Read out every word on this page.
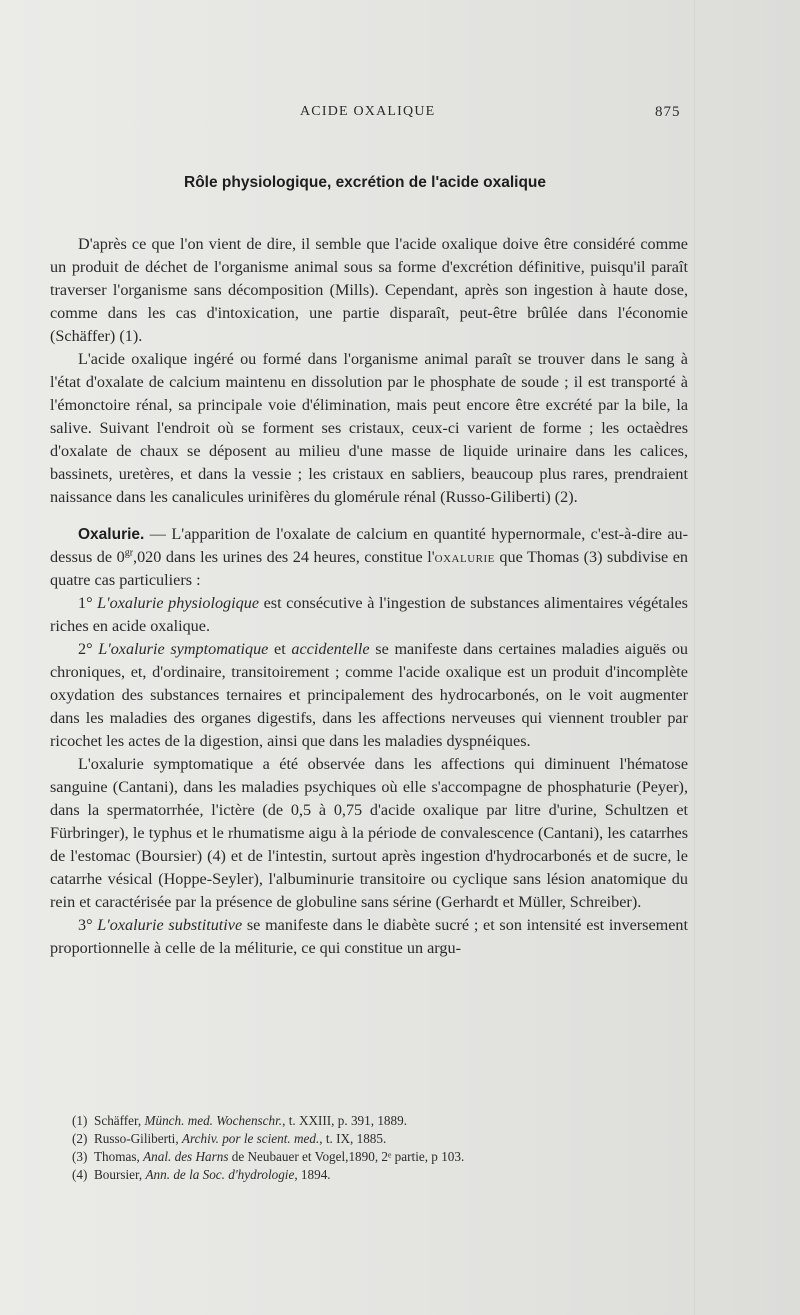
ACIDE OXALIQUE	875
Rôle physiologique, excrétion de l'acide oxalique

D'après ce que l'on vient de dire, il semble que l'acide oxalique doive être considéré comme un produit de déchet de l'organisme animal sous sa forme d'excrétion définitive, puisqu'il paraît traverser l'organisme sans décomposition (Mills). Cependant, après son ingestion à haute dose, comme dans les cas d'intoxication, une partie disparaît, peut-être brûlée dans l'économie (Schäffer) (1).

L'acide oxalique ingéré ou formé dans l'organisme animal paraît se trouver dans le sang à l'état d'oxalate de calcium maintenu en dissolution par le phosphate de soude ; il est transporté à l'émonctoire rénal, sa principale voie d'élimination, mais peut encore être excrété par la bile, la salive. Suivant l'endroit où se forment ses cristaux, ceux-ci varient de forme ; les octaèdres d'oxalate de chaux se déposent au milieu d'une masse de liquide urinaire dans les calices, bassinets, uretères, et dans la vessie ; les cristaux en sabliers, beaucoup plus rares, prendraient naissance dans les canalicules urinifères du glomérule rénal (Russo-Giliberti) (2).

Oxalurie. — L'apparition de l'oxalate de calcium en quantité hypernormale, c'est-à-dire au-dessus de $0^{gr},020$ dans les urines des 24 heures, constitue l'oxalurie que Thomas (3) subdivise en quatre cas particuliers :

1° L'oxalurie physiologique est consécutive à l'ingestion de substances alimentaires végétales riches en acide oxalique.

2° L'oxalurie symptomatique et accidentelle se manifeste dans certaines maladies aiguës ou chroniques, et, d'ordinaire, transitoirement ; comme l'acide oxalique est un produit d'incomplète oxydation des substances ternaires et principalement des hydrocarbonés, on le voit augmenter dans les maladies des organes digestifs, dans les affections nerveuses qui viennent troubler par ricochet les actes de la digestion, ainsi que dans les maladies dyspnéiques.

L'oxalurie symptomatique a été observée dans les affections qui diminuent l'hématose sanguine (Cantani), dans les maladies psychiques où elle s'accompagne de phosphaturie (Peyer), dans la spermatorrhée, l'ictère (de 0,5 à 0,75 d'acide oxalique par litre d'urine, Schultzen et Fürbringer), le typhus et le rhumatisme aigu à la période de convalescence (Cantani), les catarrhes de l'estomac (Boursier) (4) et de l'intestin, surtout après ingestion d'hydrocarbonés et de sucre, le catarrhe vésical (Hoppe-Seyler), l'albuminurie transitoire ou cyclique sans lésion anatomique du rein et caractérisée par la présence de globuline sans sérine (Gerhardt et Müller, Schreiber).

3° L'oxalurie substitutive se manifeste dans le diabète sucré ; et son intensité est inversement proportionnelle à celle de la méliturie, ce qui constitue un argu-

(1) Schäffer, Münch. med. Wochenschr., t. XXIII, p. 391, 1889.

(2) Russo-Giliberti, Archiv. por le scient. med., t. IX, 1885.

(3) Thomas, Anal. des Harns de Neubauer et Vogel,1890, 2ᵉ partie, p 103.

(4) Boursier, Ann. de la Soc. d'hydrologie, 1894.
